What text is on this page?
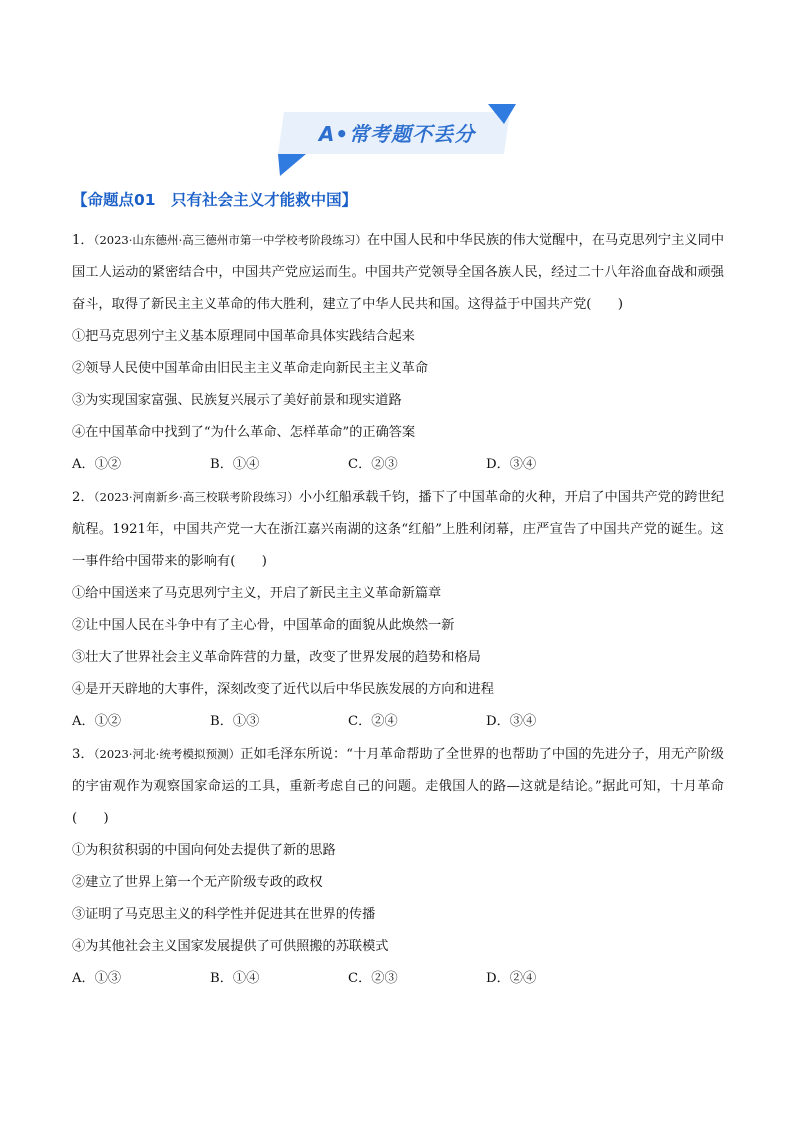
A•常考题不丢分
【命题点01　只有社会主义才能救中国】

1．（2023·山东德州·高三德州市第一中学校考阶段练习）在中国人民和中华民族的伟大觉醒中，在马克思列宁主义同中国工人运动的紧密结合中，中国共产党应运而生。中国共产党领导全国各族人民，经过二十八年浴血奋战和顽强奋斗，取得了新民主主义革命的伟大胜利，建立了中华人民共和国。这得益于中国共产党(　　)

①把马克思列宁主义基本原理同中国革命具体实践结合起来

②领导人民使中国革命由旧民主主义革命走向新民主主义革命

③为实现国家富强、民族复兴展示了美好前景和现实道路

④在中国革命中找到了“为什么革命、怎样革命”的正确答案

A．①②	B．①④	C．②③	D．③④

2．（2023·河南新乡·高三校联考阶段练习）小小红船承载千钧，播下了中国革命的火种，开启了中国共产党的跨世纪航程。1921年，中国共产党一大在浙江嘉兴南湖的这条“红船”上胜利闭幕，庄严宣告了中国共产党的诞生。这一事件给中国带来的影响有(　　)

①给中国送来了马克思列宁主义，开启了新民主主义革命新篇章

②让中国人民在斗争中有了主心骨，中国革命的面貌从此焕然一新

③壮大了世界社会主义革命阵营的力量，改变了世界发展的趋势和格局

④是开天辟地的大事件，深刻改变了近代以后中华民族发展的方向和进程

A．①②	B．①③	C．②④	D．③④

3．（2023·河北·统考模拟预测）正如毛泽东所说：“十月革命帮助了全世界的也帮助了中国的先进分子，用无产阶级的宇宙观作为观察国家命运的工具，重新考虑自己的问题。走俄国人的路—这就是结论。”据此可知，十月革命(　　)

①为积贫积弱的中国向何处去提供了新的思路

②建立了世界上第一个无产阶级专政的政权

③证明了马克思主义的科学性并促进其在世界的传播

④为其他社会主义国家发展提供了可供照搬的苏联模式

A．①③	B．①④	C．②③	D．②④
